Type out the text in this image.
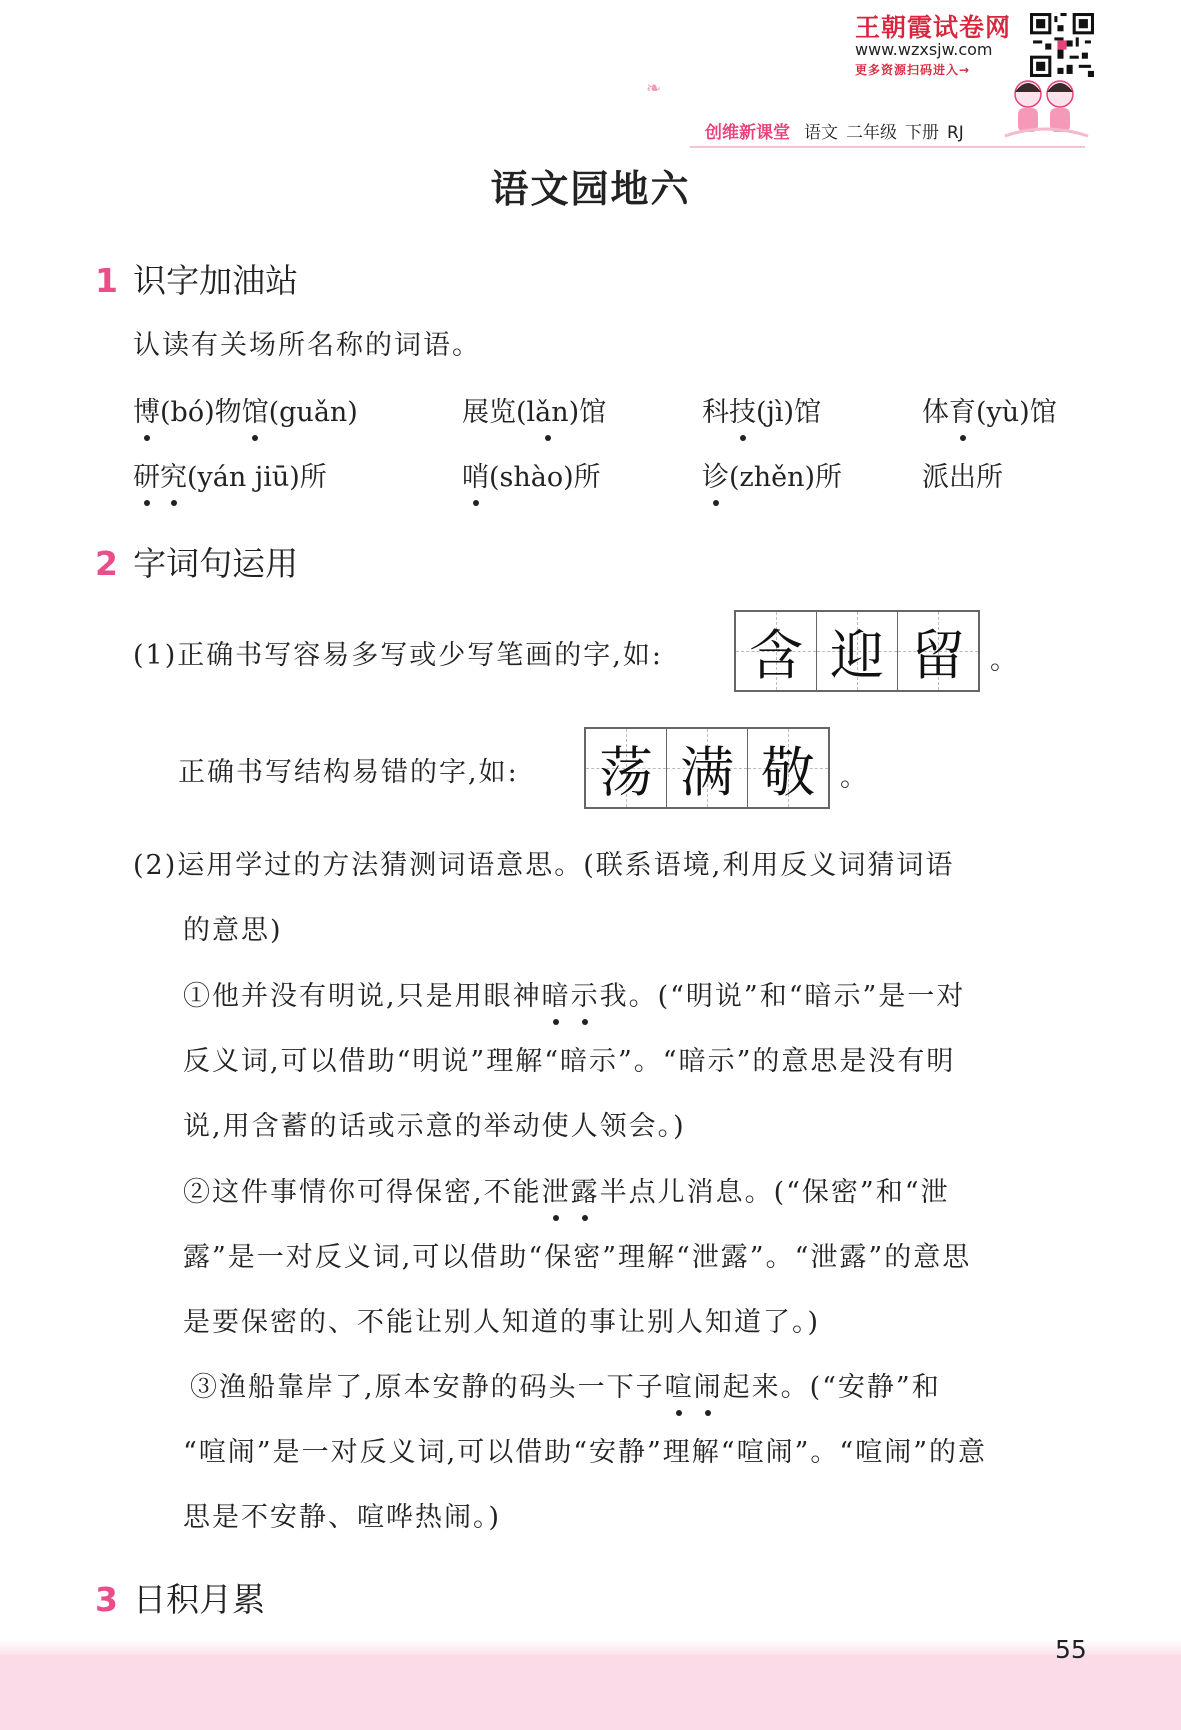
王朝霞试卷网
www.wzxsjw.com
更多资源扫码进入→
❧
创维新课堂 语文 二年级 下册 RJ
语文园地六
1 识字加油站
认读有关场所名称的词语。
博(bó)物馆(guǎn)	展览(lǎn)馆	科技(jì)馆	体育(yù)馆
研究(yán jiū)所	哨(shào)所	诊(zhěn)所	派出所
2 字词句运用
(1)正确书写容易多写或少写笔画的字,如: 含 迎 留 。
正确书写结构易错的字,如: 荡 满 敬 。
(2)运用学过的方法猜测词语意思。(联系语境,利用反义词猜词语
的意思)
①他并没有明说,只是用眼神暗示我。(“明说”和“暗示”是一对
反义词,可以借助“明说”理解“暗示”。“暗示”的意思是没有明
说,用含蓄的话或示意的举动使人领会。)
②这件事情你可得保密,不能泄露半点儿消息。(“保密”和“泄
露”是一对反义词,可以借助“保密”理解“泄露”。“泄露”的意思
是要保密的、不能让别人知道的事让别人知道了。)
③渔船靠岸了,原本安静的码头一下子喧闹起来。(“安静”和
“喧闹”是一对反义词,可以借助“安静”理解“喧闹”。“喧闹”的意
思是不安静、喧哗热闹。)
3 日积月累
55
